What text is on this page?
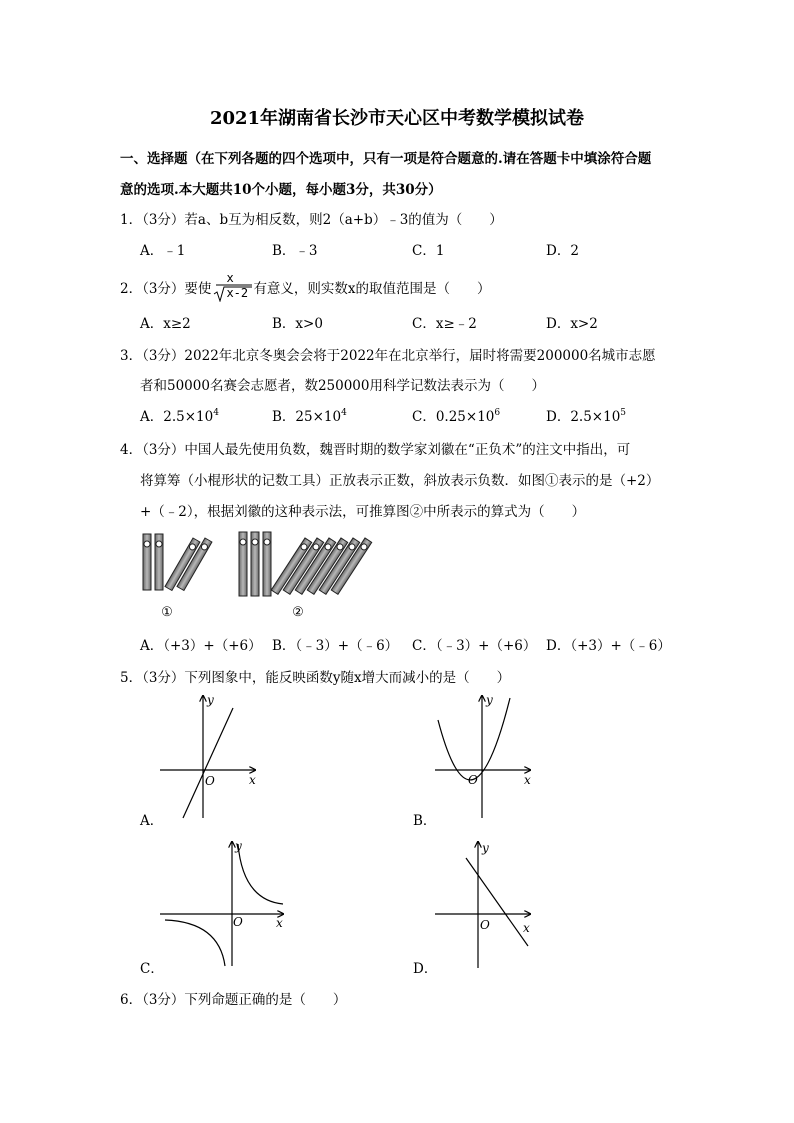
2021年湖南省长沙市天心区中考数学模拟试卷
一、选择题（在下列各题的四个选项中，只有一项是符合题意的.请在答题卡中填涂符合题
意的选项.本大题共10个小题，每小题3分，共30分）
1．（3分）若a、b互为相反数，则2（a+b）﹣3的值为（　　）
A．﹣1	B．﹣3	C．1	D．2
2．（3分）要使
x
x-2 有意义，则实数x的取值范围是（　　）
A．x≥2	B．x>0	C．x≥﹣2	D．x>2
3．（3分）2022年北京冬奥会会将于2022年在北京举行，届时将需要200000名城市志愿
者和50000名赛会志愿者，数250000用科学记数法表示为（　　）
A．$2.5\times 10^4$	B．$25\times 10^4$	C．$0.25\times 10^6$	D．$2.5\times 10^5$
4．（3分）中国人最先使用负数，魏晋时期的数学家刘徽在“正负术”的注文中指出，可
将算筹（小棍形状的记数工具）正放表示正数，斜放表示负数．如图①表示的是（+2）
+（﹣2），根据刘徽的这种表示法，可推算图②中所表示的算式为（　　）
①	②
A．（+3）+（+6） B．（﹣3）+（﹣6） C．（﹣3）+（+6） D．（+3）+（﹣6）
5．（3分）下列图象中，能反映函数y随x增大而减小的是（　　）
y
x
O
A．
y
x
O
B．
y
x
O
C．
y
x
O
D．
6．（3分）下列命题正确的是（　　）
